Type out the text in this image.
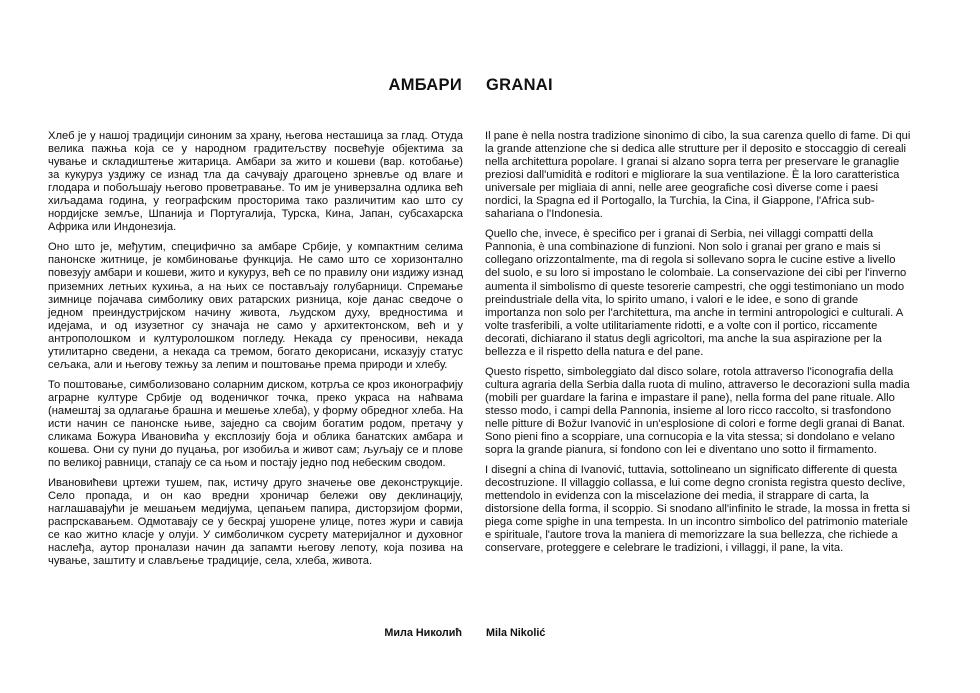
АМБАРИ GRANAI

Хлеб је у нашој традицији синоним за храну, његова несташица за глад. Отуда велика пажња која се у народном градитељству посвећује објектима за чување и складиштење житарица. Амбари за жито и кошеви (вар. котобање) за кукуруз уздижу се изнад тла да сачувају драгоцено зрневље од влаге и глодара и побољшају његово проветравање. То им је универзална одлика већ хиљадама година, у географским просторима тако различитим као што су нордијске земље, Шпанија и Португалија, Турска, Кина, Јапан, субсахарска Африка или Индонезија.

Оно што је, међутим, специфично за амбаре Србије, у компактним селима панонске житнице, је комбиновање функција. Не само што се хоризонтално повезују амбари и кошеви, жито и кукуруз, већ се по правилу они издижу изнад приземних летњих кухиња, а на њих се постављају голубарници. Спремање зимнице појачава симболику ових ратарских ризница, које данас сведоче о једном преиндустријском начину живота, људском духу, вредностима и идејама, и од изузетног су значаја не само у архитектонском, већ и у антрополошком и културолошком погледу. Некада су преносиви, некада утилитарно сведени, а некада са тремом, богато декорисани, исказују статус сељака, али и његову тежњу за лепим и поштовање према природи и хлебу.

То поштовање, симболизовано соларним диском, котрља се кроз иконографију аграрне културе Србије од воденичког точка, преко украса на наћвама (намештај за одлагање брашна и мешење хлеба), у форму обредног хлеба. На исти начин се панонске њиве, заједно са својим богатим родом, претачу у сликама Божура Ивановића у експлозију боја и облика банатских амбара и кошева. Они су пуни до пуцања, рог изобиља и живот сам; љуљају се и плове по великој равници, стапају се са њом и постају једно под небеским сводом.

Ивановићеви цртежи тушем, пак, истичу друго значење ове деконструкције. Село пропада, и он као вредни хроничар бележи ову деклинацију, наглашавајући је мешањем медијума, цепањем папира, дисторзијом форми, распрскавањем. Одмотавају се у бескрај ушорене улице, потез жури и савија се као житно класје у олуји. У симболичком сусрету материјалног и духовног наслеђа, аутор проналази начин да запамти његову лепоту, која позива на чување, заштиту и слављење традиције, села, хлеба, живота.

Il pane è nella nostra tradizione sinonimo di cibo, la sua carenza quello di fame. Di qui la grande attenzione che si dedica alle strutture per il deposito e stoccaggio di cereali nella architettura popolare. I granai si alzano sopra terra per preservare le granaglie preziosi dall'umidità e roditori e migliorare la sua ventilazione. È la loro caratteristica universale per migliaia di anni, nelle aree geografiche così diverse come i paesi nordici, la Spagna ed il Portogallo, la Turchia, la Cina, il Giappone, l'Africa sub-sahariana o l'Indonesia.

Quello che, invece, è specifico per i granai di Serbia, nei villaggi compatti della Pannonia, è una combinazione di funzioni. Non solo i granai per grano e mais si collegano orizzontalmente, ma di regola si sollevano sopra le cucine estive a livello del suolo, e su loro si impostano le colombaie. La conservazione dei cibi per l'inverno aumenta il simbolismo di queste tesorerie campestri, che oggi testimoniano un modo preindustriale della vita, lo spirito umano, i valori e le idee, e sono di grande importanza non solo per l'architettura, ma anche in termini antropologici e culturali. A volte trasferibili, a volte utilitariamente ridotti, e a volte con il portico, riccamente decorati, dichiarano il status degli agricoltori, ma anche la sua aspirazione per la bellezza e il rispetto della natura e del pane.

Questo rispetto, simboleggiato dal disco solare, rotola attraverso l'iconografia della cultura agraria della Serbia dalla ruota di mulino, attraverso le decorazioni sulla madia (mobili per guardare la farina e impastare il pane), nella forma del pane rituale. Allo stesso modo, i campi della Pannonia, insieme al loro ricco raccolto, si trasfondono nelle pitture di Božur Ivanović in un'esplosione di colori e forme degli granai di Banat. Sono pieni fino a scoppiare, una cornucopia e la vita stessa; si dondolano e velano sopra la grande pianura, si fondono con lei e diventano uno sotto il firmamento.

I disegni a china di Ivanović, tuttavia, sottolineano un significato differente di questa decostruzione. Il villaggio collassa, e lui come degno cronista registra questo declive, mettendolo in evidenza con la miscelazione dei media, il strappare di carta, la distorsione della forma, il scoppio. Si snodano all'infinito le strade, la mossa in fretta si piega come spighe in una tempesta. In un incontro simbolico del patrimonio materiale e spirituale, l'autore trova la maniera di memorizzare la sua bellezza, che richiede a conservare, proteggere e celebrare le tradizioni, i villaggi, il pane, la vita.

Мила Николић Mila Nikolić
